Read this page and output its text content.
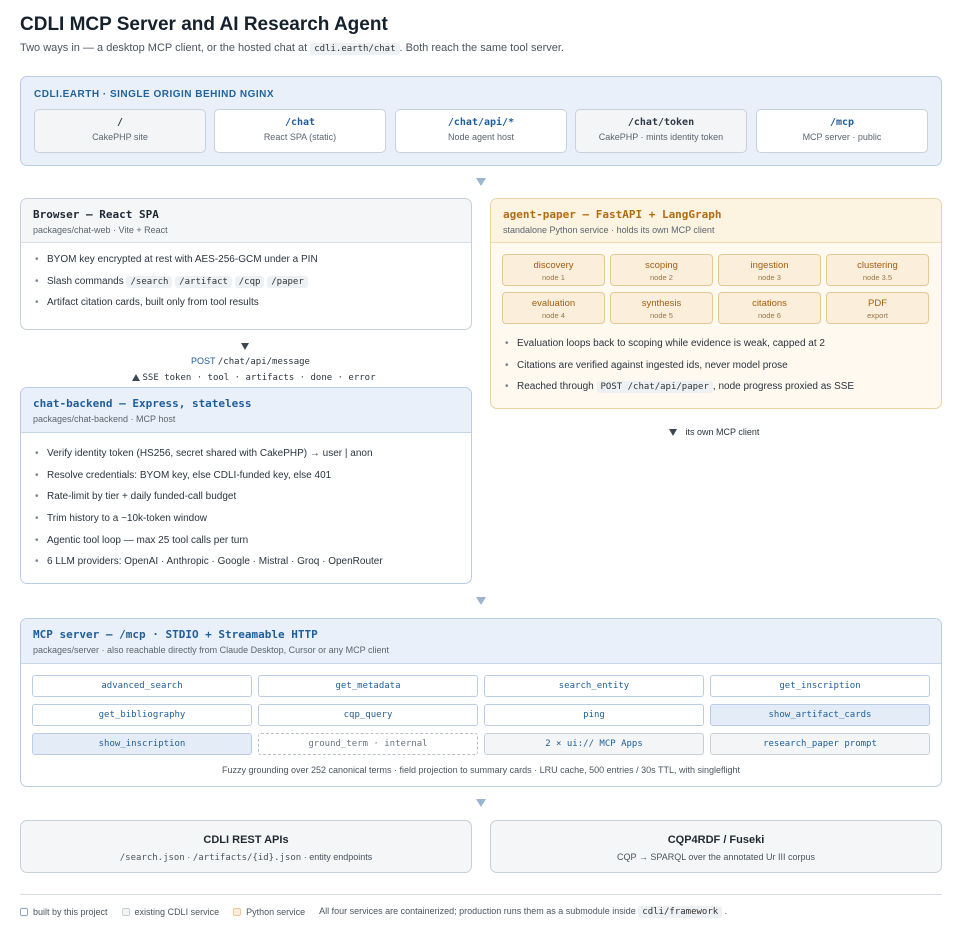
CDLI MCP Server and AI Research Agent
Two ways in — a desktop MCP client, or the hosted chat at cdli.earth/chat . Both reach the same tool server.
CDLI.EARTH · SINGLE ORIGIN BEHIND NGINX
/
CakePHP site
/chat
React SPA (static)
/chat/api/*
Node agent host
/chat/token
CakePHP · mints identity token
/mcp
MCP server · public
Browser — React SPA
packages/chat-web · Vite + React
• BYOM key encrypted at rest with AES-256-GCM under a PIN
• Slash commands /search /artifact /cqp /paper
• Artifact citation cards, built only from tool results
POST /chat/api/message
SSE token · tool · artifacts · done · error
chat-backend — Express, stateless
packages/chat-backend · MCP host
• Verify identity token (HS256, secret shared with CakePHP) → user | anon
• Resolve credentials: BYOM key, else CDLI-funded key, else 401
• Rate-limit by tier + daily funded-call budget
• Trim history to a ~10k-token window
• Agentic tool loop — max 25 tool calls per turn
• 6 LLM providers: OpenAI · Anthropic · Google · Mistral · Groq · OpenRouter
agent-paper — FastAPI + LangGraph
standalone Python service · holds its own MCP client
discovery
node 1
scoping
node 2
ingestion
node 3
clustering
node 3.5
evaluation
node 4
synthesis
node 5
citations
node 6
PDF
export
• Evaluation loops back to scoping while evidence is weak, capped at 2
• Citations are verified against ingested ids, never model prose
• Reached through POST /chat/api/paper , node progress proxied as SSE
its own MCP client
MCP server — /mcp · STDIO + Streamable HTTP
packages/server · also reachable directly from Claude Desktop, Cursor or any MCP client
advanced_search	get_metadata	search_entity	get_inscription
get_bibliography	cqp_query	ping	show_artifact_cards
show_inscription	ground_term · internal	2 × ui:// MCP Apps	research_paper prompt
Fuzzy grounding over 252 canonical terms · field projection to summary cards · LRU cache, 500 entries / 30s TTL, with singleflight
CDLI REST APIs
/search.json · /artifacts/{id}.json · entity endpoints
CQP4RDF / Fuseki
CQP → SPARQL over the annotated Ur III corpus
built by this project	existing CDLI service	Python service All four services are containerized; production runs them as a submodule inside cdli/framework .
